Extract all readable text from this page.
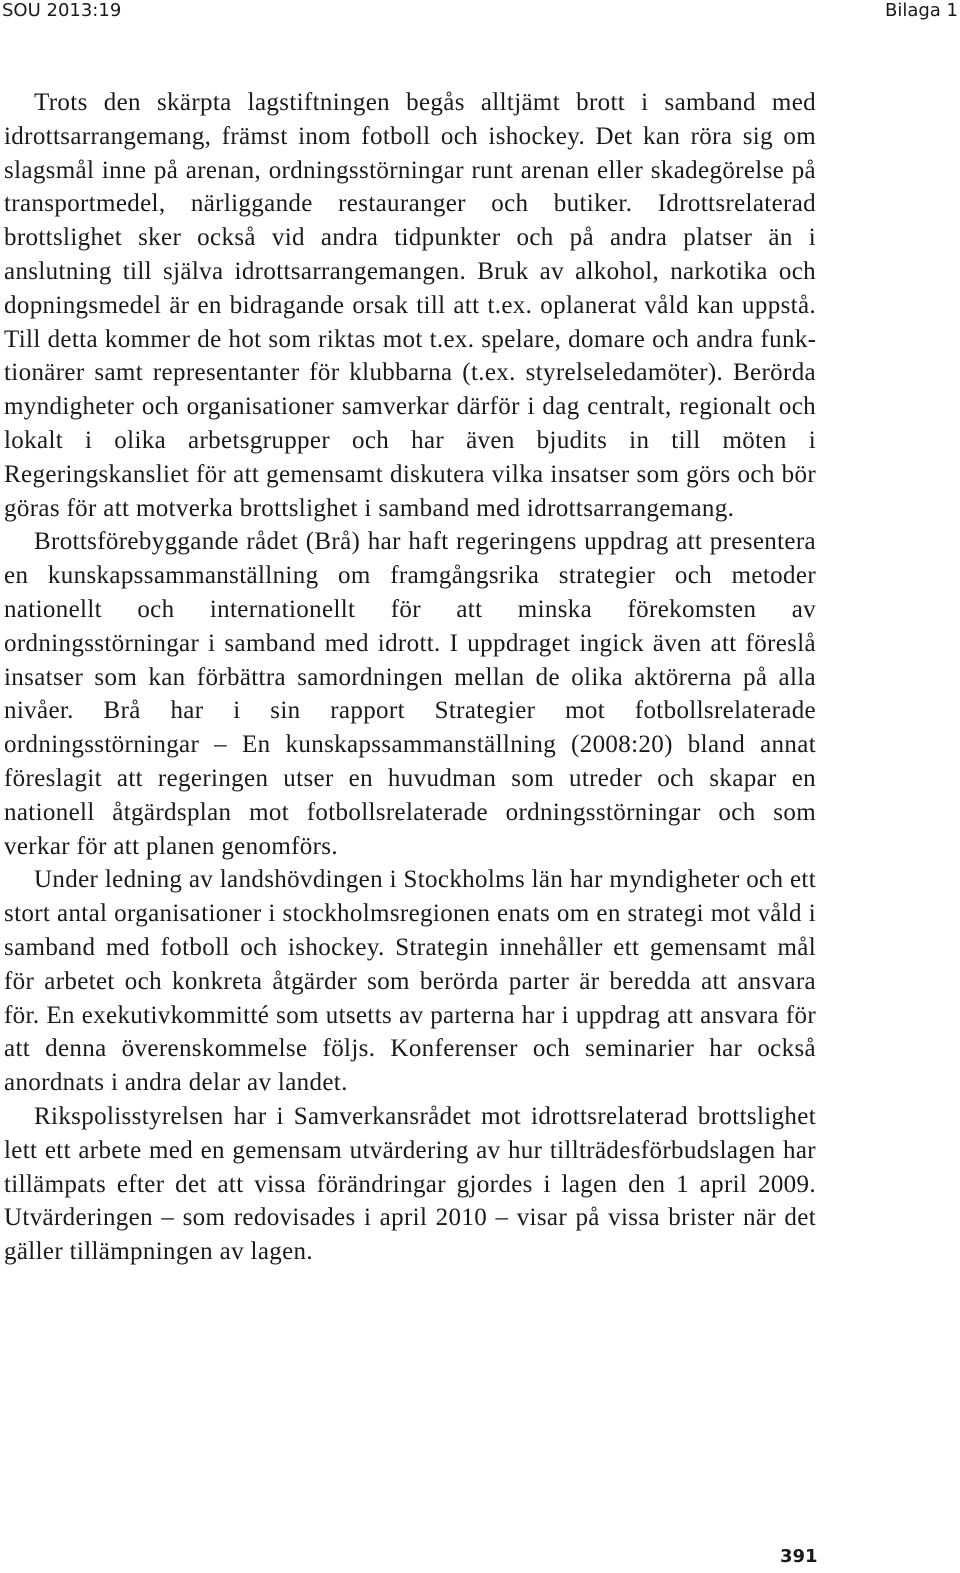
SOU 2013:19	Bilaga 1

Trots den skärpta lagstiftningen begås alltjämt brott i samband med idrottsarrangemang, främst inom fotboll och ishockey. Det kan röra sig om slagsmål inne på arenan, ordningsstörningar runt arenan eller skadegörelse på transportmedel, närliggande restauranger och butiker. Idrottsrelaterad brottslighet sker också vid andra tidpunkter och på andra platser än i anslutning till själva idrottsarrangemangen. Bruk av alkohol, narkotika och dopningsmedel är en bidragande orsak till att t.ex. oplanerat våld kan uppstå. Till detta kommer de hot som riktas mot t.ex. spelare, domare och andra funktionärer samt representanter för klubbarna (t.ex. styrelseledamöter). Berörda myndigheter och organisationer samverkar därför i dag centralt, regionalt och lokalt i olika arbetsgrupper och har även bjudits in till möten i Regeringskansliet för att gemensamt diskutera vilka insatser som görs och bör göras för att motverka brottslighet i samband med idrottsarrangemang.

Brottsförebyggande rådet (Brå) har haft regeringens uppdrag att presentera en kunskapssammanställning om framgångsrika strategier och metoder nationellt och internationellt för att minska förekomsten av ordningsstörningar i samband med idrott. I uppdraget ingick även att föreslå insatser som kan förbättra samordningen mellan de olika aktörerna på alla nivåer. Brå har i sin rapport Strategier mot fotbollsrelaterade ordningsstörningar – En kunskapssammanställning (2008:20) bland annat föreslagit att regeringen utser en huvudman som utreder och skapar en nationell åtgärdsplan mot fotbollsrelaterade ordningsstörningar och som verkar för att planen genomförs.

Under ledning av landshövdingen i Stockholms län har myndigheter och ett stort antal organisationer i stockholmsregionen enats om en strategi mot våld i samband med fotboll och ishockey. Strategin innehåller ett gemensamt mål för arbetet och konkreta åtgärder som berörda parter är beredda att ansvara för. En exekutivkommitté som utsetts av parterna har i uppdrag att ansvara för att denna överenskommelse följs. Konferenser och seminarier har också anordnats i andra delar av landet.

Rikspolisstyrelsen har i Samverkansrådet mot idrottsrelaterad brottslighet lett ett arbete med en gemensam utvärdering av hur tillträdesförbudslagen har tillämpats efter det att vissa förändringar gjordes i lagen den 1 april 2009. Utvärderingen – som redovisades i april 2010 – visar på vissa brister när det gäller tillämpningen av lagen.

391
